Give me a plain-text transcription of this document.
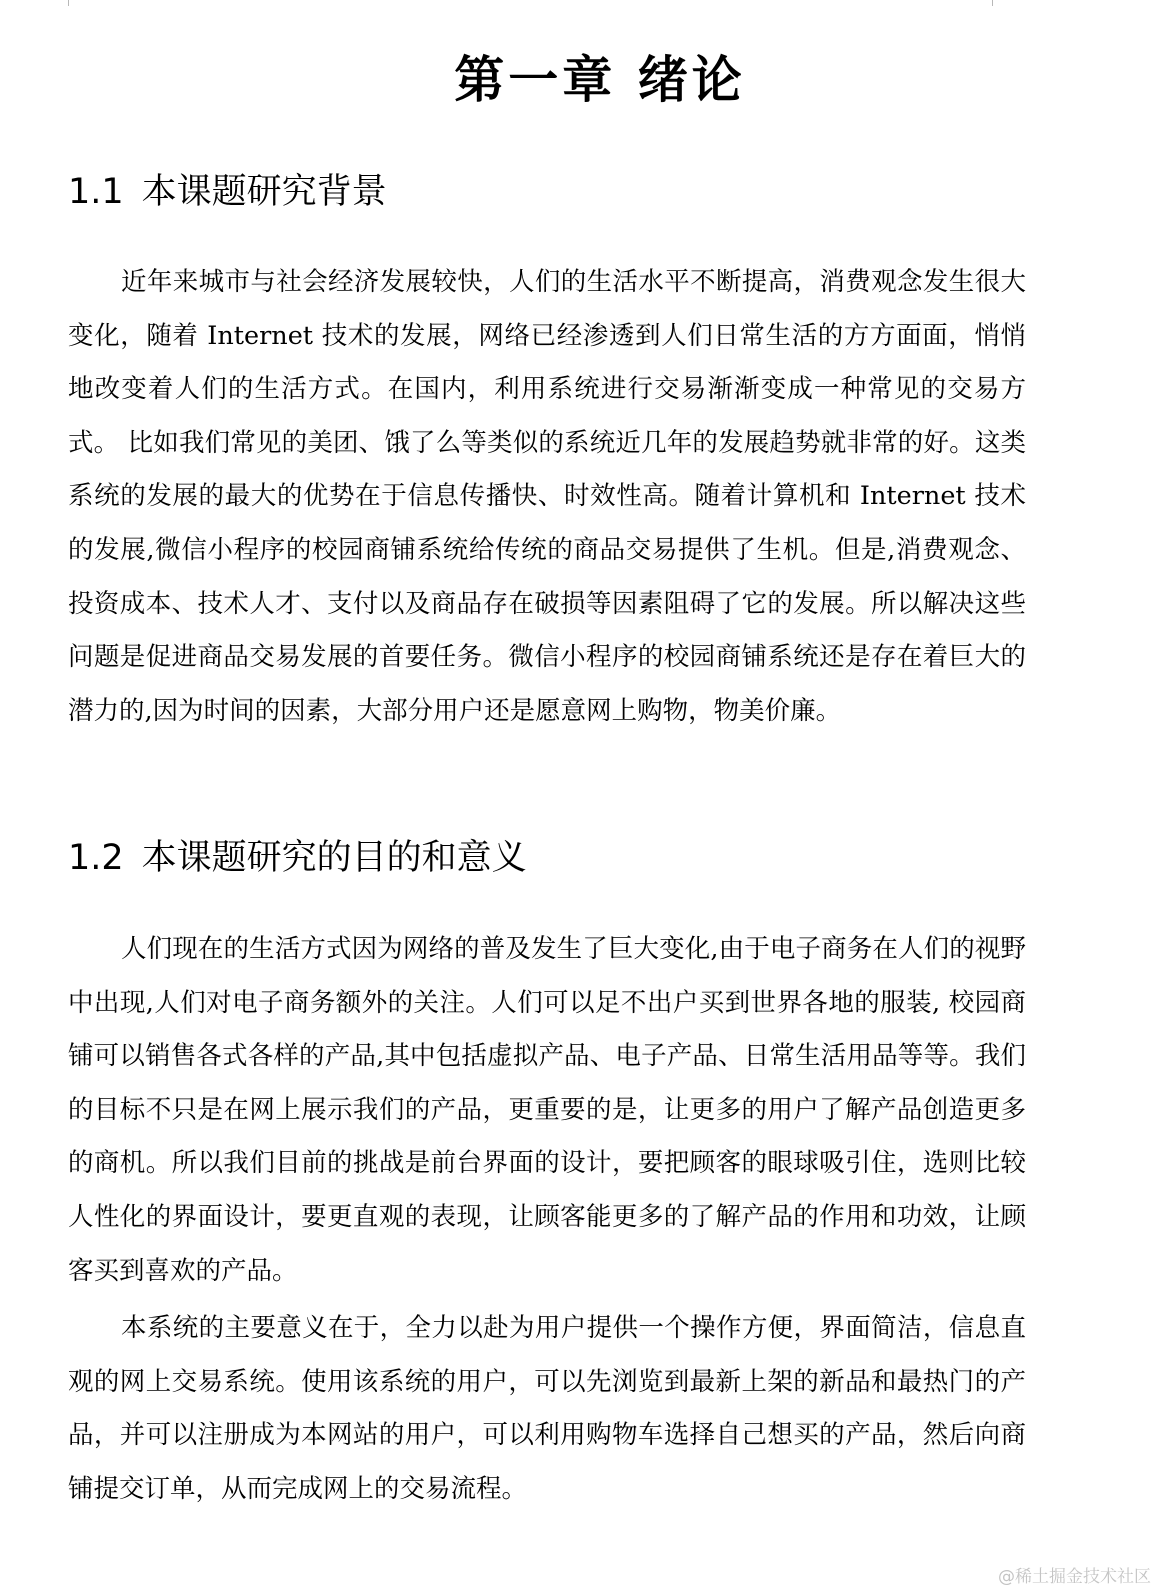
第一章 绪论
1.1 本课题研究背景

近年来城市与社会经济发展较快，人们的生活水平不断提高，消费观念发生很大变化，随着 Internet 技术的发展，网络已经渗透到人们日常生活的方方面面，悄悄地改变着人们的生活方式。在国内，利用系统进行交易渐渐变成一种常见的交易方式。 比如我们常见的美团、饿了么等类似的系统近几年的发展趋势就非常的好。这类系统的发展的最大的优势在于信息传播快、时效性高。随着计算机和 Internet 技术的发展,微信小程序的校园商铺系统给传统的商品交易提供了生机。但是,消费观念、投资成本、技术人才、支付以及商品存在破损等因素阻碍了它的发展。所以解决这些问题是促进商品交易发展的首要任务。微信小程序的校园商铺系统还是存在着巨大的潜力的,因为时间的因素，大部分用户还是愿意网上购物，物美价廉。

1.2 本课题研究的目的和意义

人们现在的生活方式因为网络的普及发生了巨大变化,由于电子商务在人们的视野中出现,人们对电子商务额外的关注。人们可以足不出户买到世界各地的服装, 校园商铺可以销售各式各样的产品,其中包括虚拟产品、电子产品、日常生活用品等等。我们的目标不只是在网上展示我们的产品，更重要的是，让更多的用户了解产品创造更多的商机。所以我们目前的挑战是前台界面的设计，要把顾客的眼球吸引住，选则比较人性化的界面设计，要更直观的表现，让顾客能更多的了解产品的作用和功效，让顾客买到喜欢的产品。

本系统的主要意义在于，全力以赴为用户提供一个操作方便，界面简洁，信息直观的网上交易系统。使用该系统的用户，可以先浏览到最新上架的新品和最热门的产品，并可以注册成为本网站的用户，可以利用购物车选择自己想买的产品，然后向商铺提交订单，从而完成网上的交易流程。

@稀土掘金技术社区
